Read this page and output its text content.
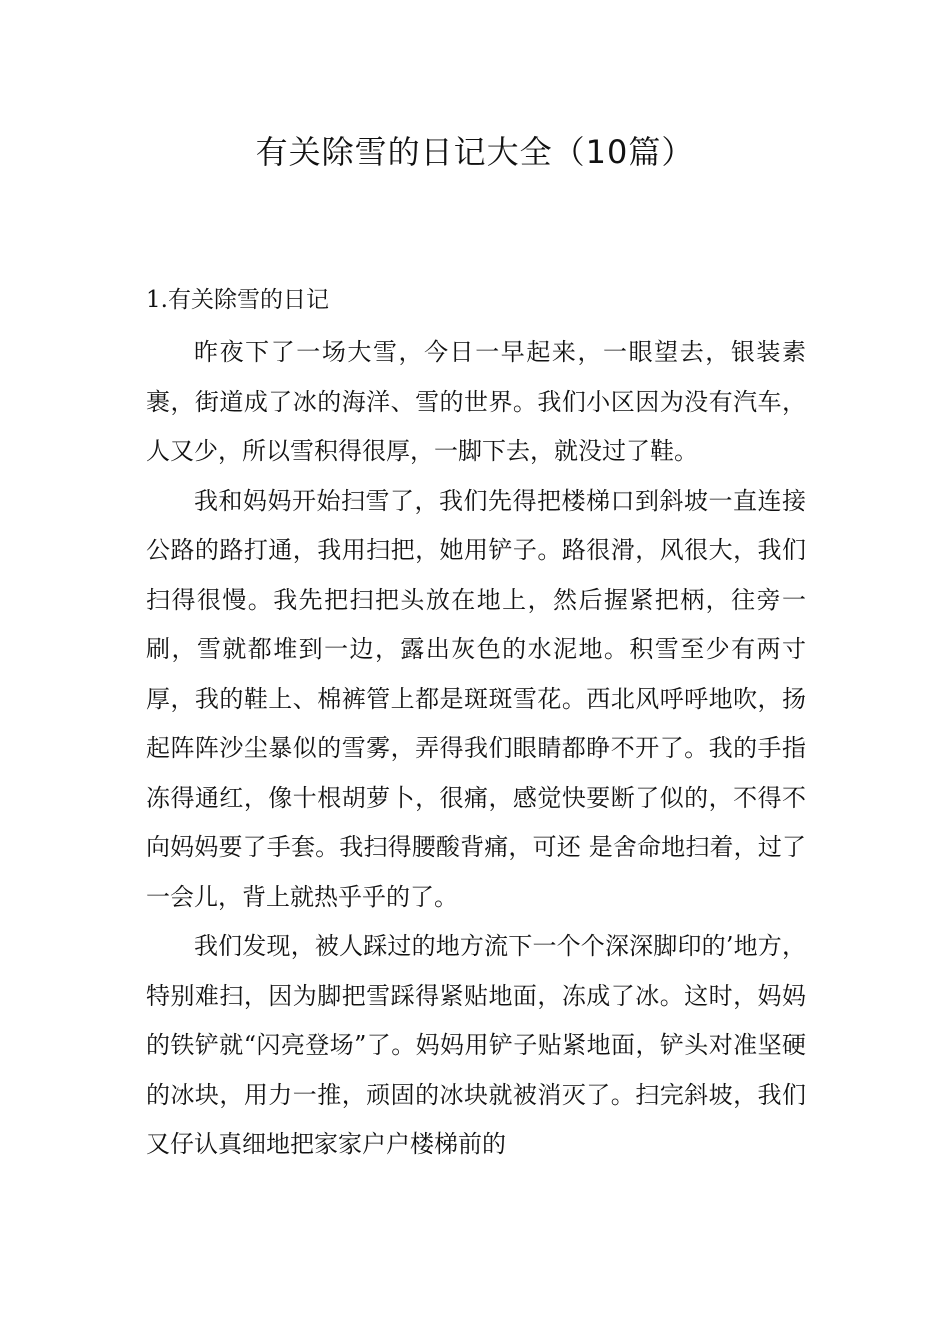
有关除雪的日记大全（10篇）
1.有关除雪的日记

昨夜下了一场大雪，今日一早起来，一眼望去，银装素裹，街道成了冰的海洋、雪的世界。我们小区因为没有汽车，人又少，所以雪积得很厚，一脚下去，就没过了鞋。

我和妈妈开始扫雪了，我们先得把楼梯口到斜坡一直连接公路的路打通，我用扫把，她用铲子。路很滑，风很大，我们扫得很慢。我先把扫把头放在地上，然后握紧把柄，往旁一刷，雪就都堆到一边，露出灰色的水泥地。积雪至少有两寸厚，我的鞋上、棉裤管上都是斑斑雪花。西北风呼呼地吹，扬起阵阵沙尘暴似的雪雾，弄得我们眼睛都睁不开了。我的手指冻得通红，像十根胡萝卜，很痛，感觉快要断了似的，不得不向妈妈要了手套。我扫得腰酸背痛，可还 是舍命地扫着，过了一会儿，背上就热乎乎的了。

我们发现，被人踩过的地方流下一个个深深脚印的’地方，特别难扫，因为脚把雪踩得紧贴地面，冻成了冰。这时，妈妈的铁铲就“闪亮登场”了。妈妈用铲子贴紧地面，铲头对准坚硬的冰块，用力一推，顽固的冰块就被消灭了。扫完斜坡，我们又仔认真细地把家家户户楼梯前的
